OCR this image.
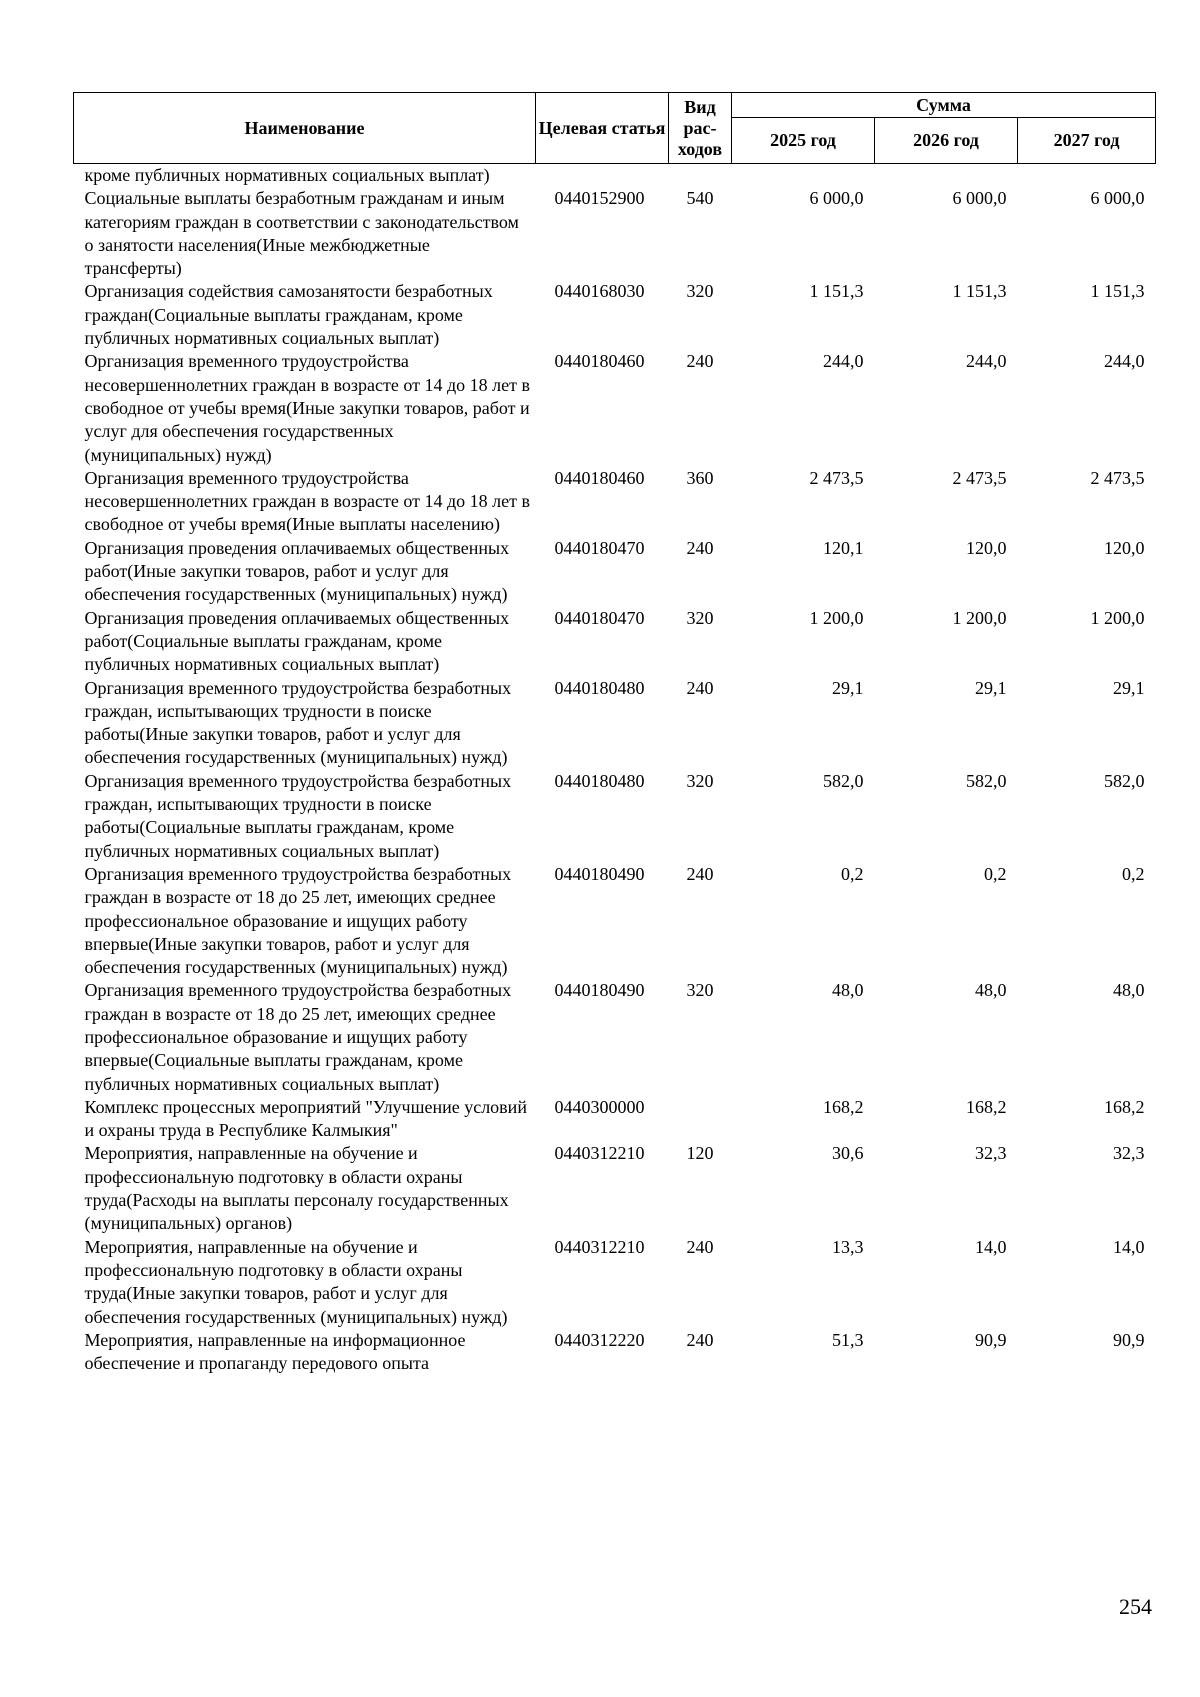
Наименование	Целевая статья	Вид рас-ходов	Сумма		
			2025 год	2026 год	2027 год
кроме публичных нормативных социальных выплат)					
Социальные выплаты безработным гражданам и иным категориям граждан в соответствии с законодательством о занятости населения(Иные межбюджетные трансферты)	0440152900	540	6 000,0	6 000,0	6 000,0
Организация содействия самозанятости безработных граждан(Социальные выплаты гражданам, кроме публичных нормативных социальных выплат)	0440168030	320	1 151,3	1 151,3	1 151,3
Организация временного трудоустройства несовершеннолетних граждан в возрасте от 14 до 18 лет в свободное от учебы время(Иные закупки товаров, работ и услуг для обеспечения государственных (муниципальных) нужд)	0440180460	240	244,0	244,0	244,0
Организация временного трудоустройства несовершеннолетних граждан в возрасте от 14 до 18 лет в свободное от учебы время(Иные выплаты населению)	0440180460	360	2 473,5	2 473,5	2 473,5
Организация проведения оплачиваемых общественных работ(Иные закупки товаров, работ и услуг для обеспечения государственных (муниципальных) нужд)	0440180470	240	120,1	120,0	120,0
Организация проведения оплачиваемых общественных работ(Социальные выплаты гражданам, кроме публичных нормативных социальных выплат)	0440180470	320	1 200,0	1 200,0	1 200,0
Организация временного трудоустройства безработных граждан, испытывающих трудности в поиске работы(Иные закупки товаров, работ и услуг для обеспечения государственных (муниципальных) нужд)	0440180480	240	29,1	29,1	29,1
Организация временного трудоустройства безработных граждан, испытывающих трудности в поиске работы(Социальные выплаты гражданам, кроме публичных нормативных социальных выплат)	0440180480	320	582,0	582,0	582,0
Организация временного трудоустройства безработных граждан в возрасте от 18 до 25 лет, имеющих среднее профессиональное образование и ищущих работу впервые(Иные закупки товаров, работ и услуг для обеспечения государственных (муниципальных) нужд)	0440180490	240	0,2	0,2	0,2
Организация временного трудоустройства безработных граждан в возрасте от 18 до 25 лет, имеющих среднее профессиональное образование и ищущих работу впервые(Социальные выплаты гражданам, кроме публичных нормативных социальных выплат)	0440180490	320	48,0	48,0	48,0
Комплекс процессных мероприятий "Улучшение условий и охраны труда в Республике Калмыкия"	0440300000		168,2	168,2	168,2
Мероприятия, направленные на обучение и профессиональную подготовку в области охраны труда(Расходы на выплаты персоналу государственных (муниципальных) органов)	0440312210	120	30,6	32,3	32,3
Мероприятия, направленные на обучение и профессиональную подготовку в области охраны труда(Иные закупки товаров, работ и услуг для обеспечения государственных (муниципальных) нужд)	0440312210	240	13,3	14,0	14,0
Мероприятия, направленные на информационное обеспечение и пропаганду передового опыта	0440312220	240	51,3	90,9	90,9
254
